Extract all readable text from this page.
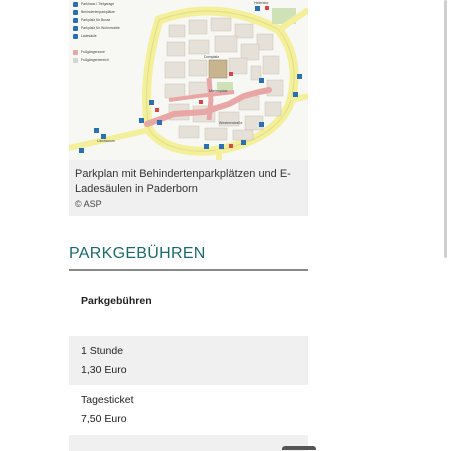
Heierstor
Marienplatz
Domplatz
Westernstraße
Liborianum
Parkhaus / Tiefgarage
Behindertenparkplätze
Parkplatz für Busse
Parkplatz für Wohnmobile
Ladesäule
Fußgängerzone
Fußgängerbereich
Parkplan mit Behindertenparkplätzen und E-Ladesäulen in Paderborn
© ASP
PARKGEBÜHREN
Parkgebühren
1 Stunde
1,30 Euro
Tagesticket
7,50 Euro
